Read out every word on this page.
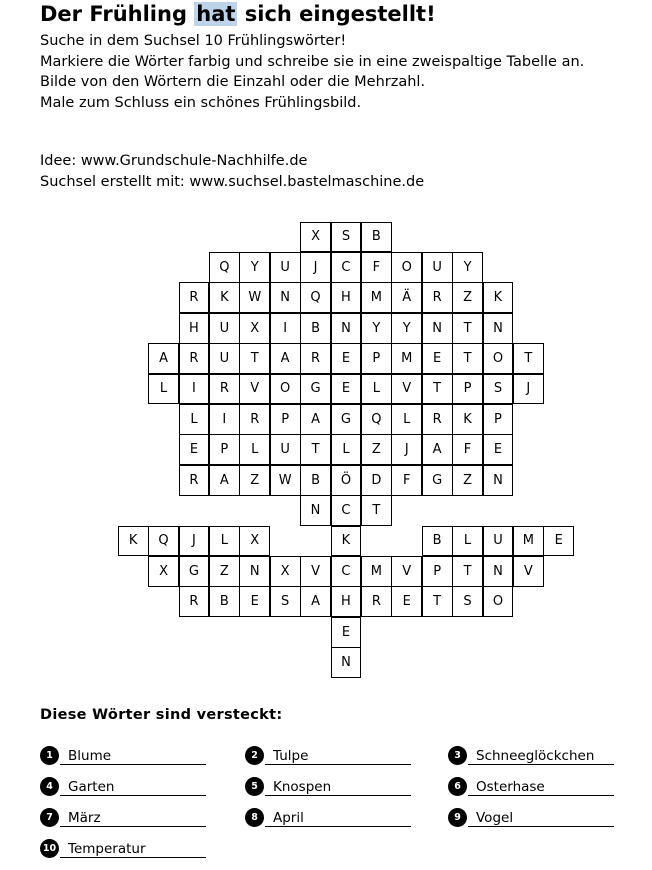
Der Frühling hat sich eingestellt!
Suche in dem Suchsel 10 Frühlingswörter!
Markiere die Wörter farbig und schreibe sie in eine zweispaltige Tabelle an.
Bilde von den Wörtern die Einzahl oder die Mehrzahl.
Male zum Schluss ein schönes Frühlingsbild.
Idee: www.Grundschule-Nachhilfe.de
Suchsel erstellt mit: www.suchsel.bastelmaschine.de
X	S	B
Q	Y	U	J	C	F	O	U	Y
R	K	W	N	Q	H	M	Ä	R	Z	K
H	U	X	I	B	N	Y	Y	N	T	N
A	R	U	T	A	R	E	P	M	E	T	O	T
L	I	R	V	O	G	E	L	V	T	P	S	J
L	I	R	P	A	G	Q	L	R	K	P
E	P	L	U	T	L	Z	J	A	F	E
R	A	Z	W	B	Ö	D	F	G	Z	N
N	C	T
K	Q	J	L	X	K	B	L	U	M	E
X	G	Z	N	X	V	C	M	V	P	T	N	V
R	B	E	S	A	H	R	E	T	S	O
E
N
Diese Wörter sind versteckt:
1	Blume	2	Tulpe	3	Schneeglöckchen
4	Garten	5	Knospen	6	Osterhase
7	März	8	April	9	Vogel
10 Temperatur
